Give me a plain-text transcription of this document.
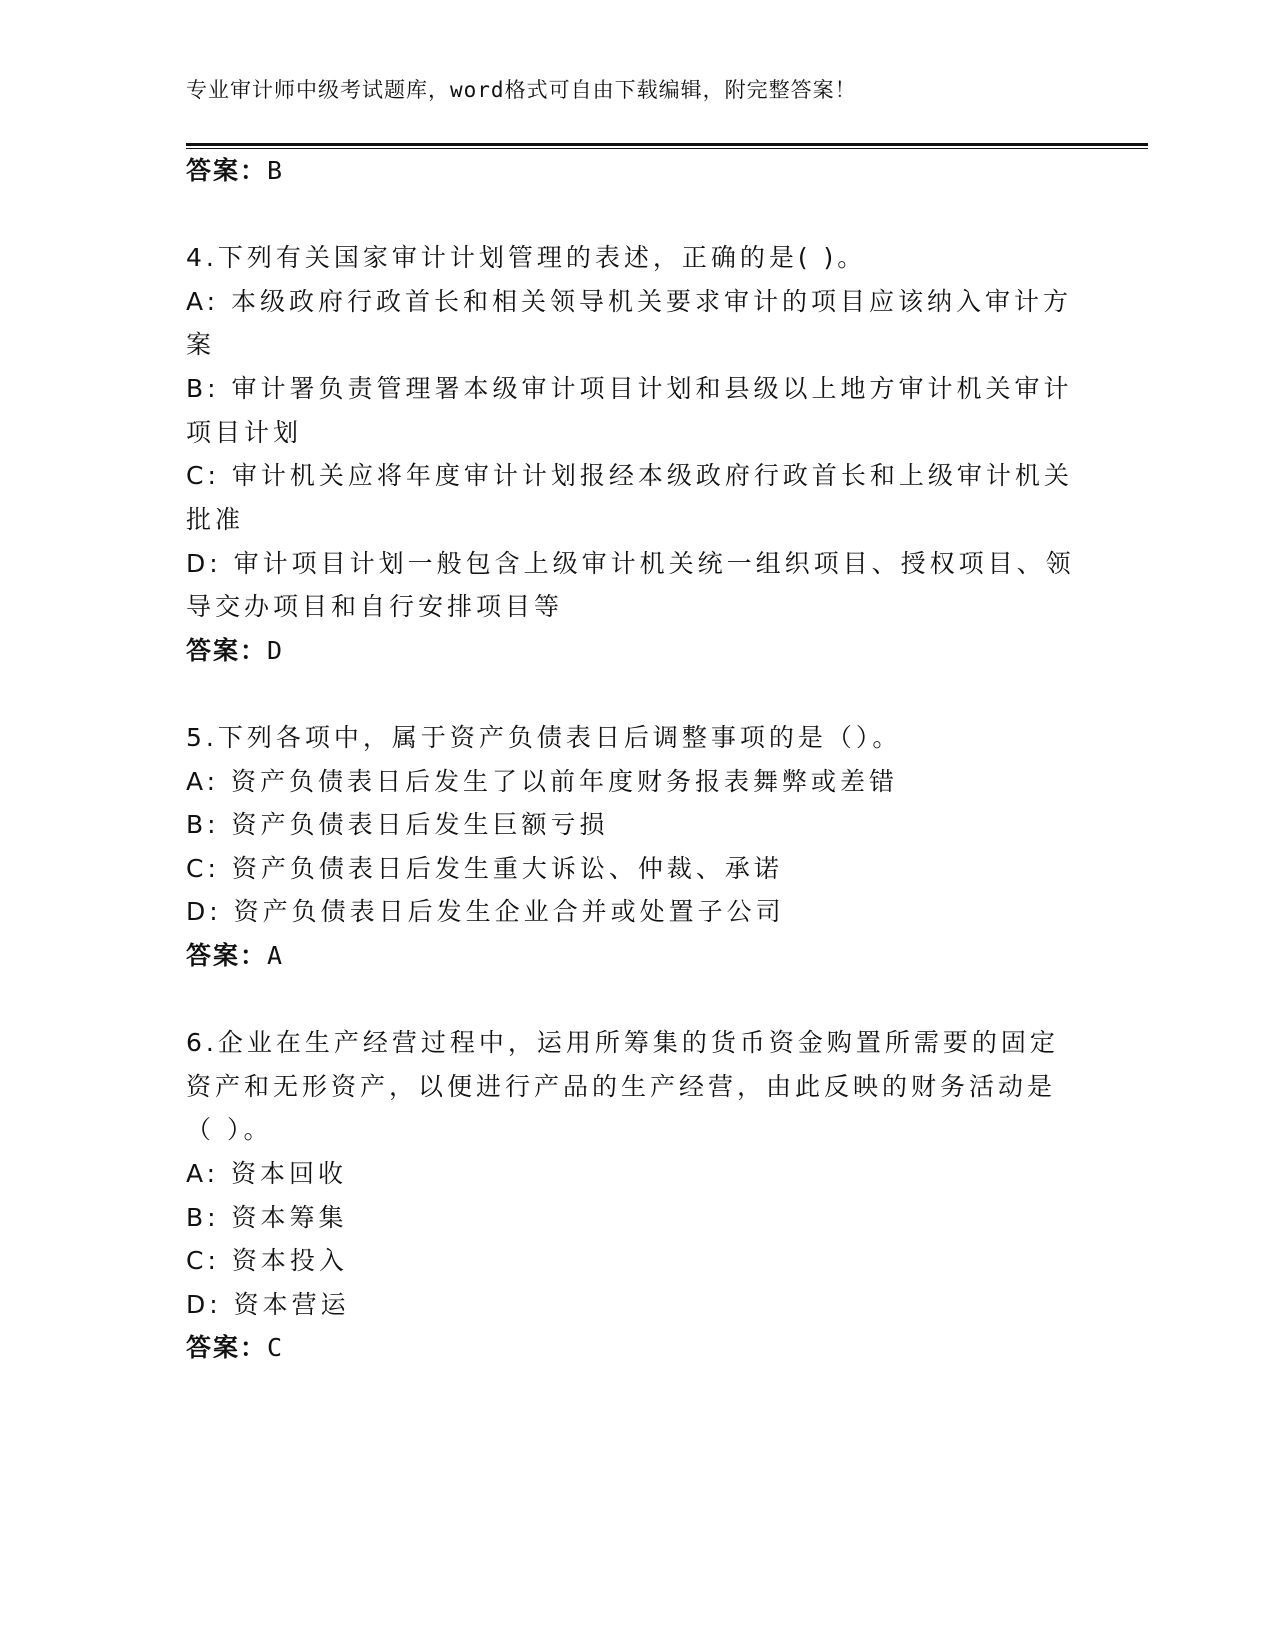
专业审计师中级考试题库，word格式可自由下载编辑，附完整答案！
答案：B
4.下列有关国家审计计划管理的表述，正确的是( )。
A: 本级政府行政首长和相关领导机关要求审计的项目应该纳入审计方
案
B: 审计署负责管理署本级审计项目计划和县级以上地方审计机关审计
项目计划
C: 审计机关应将年度审计计划报经本级政府行政首长和上级审计机关
批准
D: 审计项目计划一般包含上级审计机关统一组织项目、授权项目、领
导交办项目和自行安排项目等
答案：D
5.下列各项中，属于资产负债表日后调整事项的是（）。
A: 资产负债表日后发生了以前年度财务报表舞弊或差错
B: 资产负债表日后发生巨额亏损
C: 资产负债表日后发生重大诉讼、仲裁、承诺
D: 资产负债表日后发生企业合并或处置子公司
答案：A
6.企业在生产经营过程中，运用所筹集的货币资金购置所需要的固定
资产和无形资产，以便进行产品的生产经营，由此反映的财务活动是
（ ）。
A: 资本回收
B: 资本筹集
C: 资本投入
D: 资本营运
答案：C
